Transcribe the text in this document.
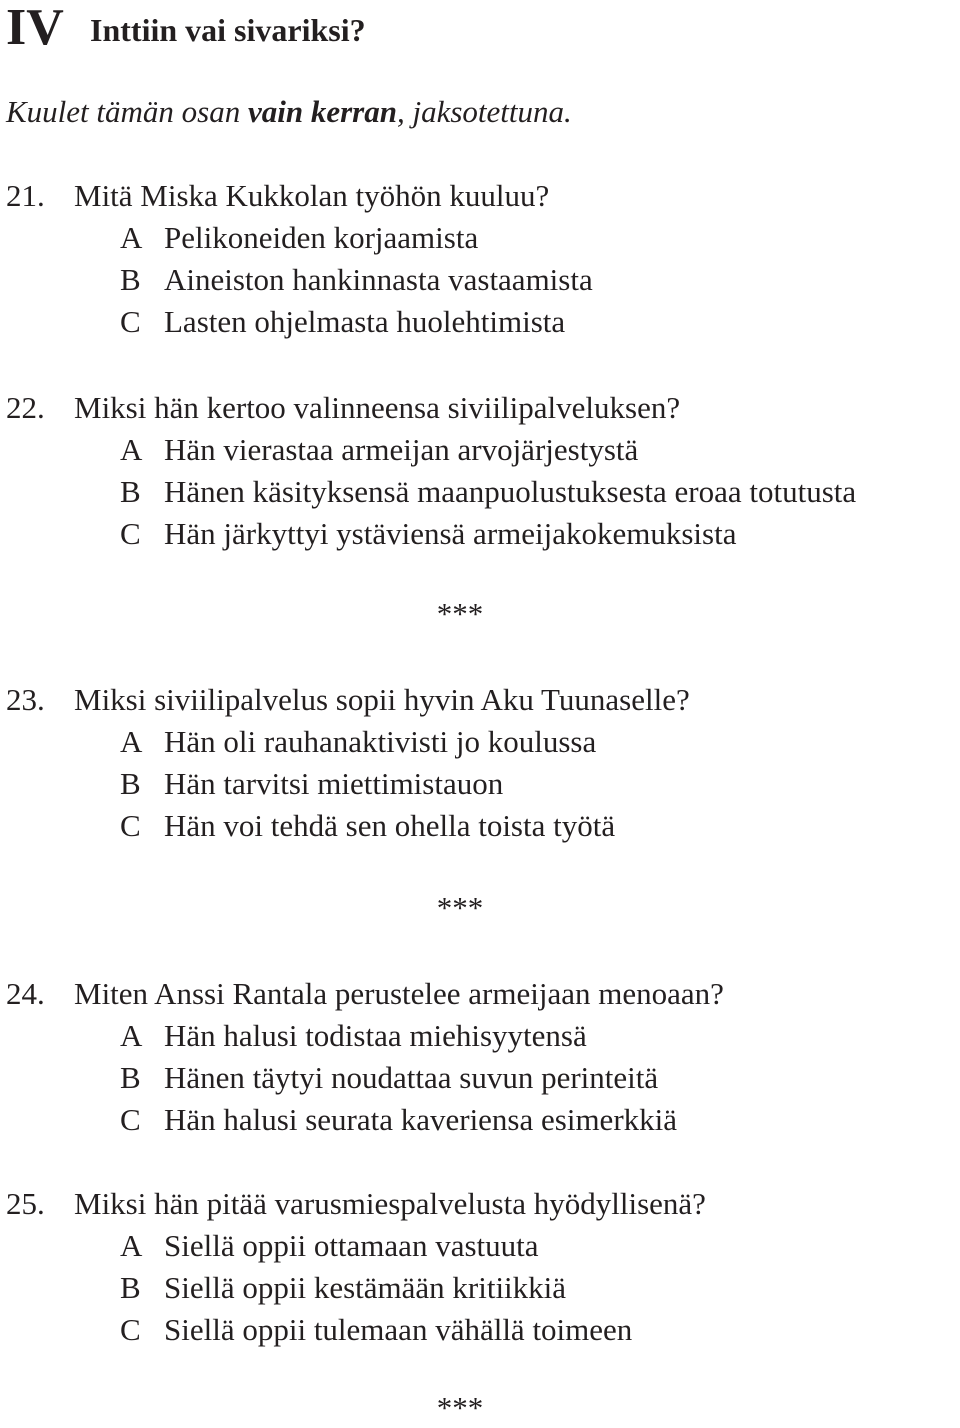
IV Inttiin vai sivariksi?
Kuulet tämän osan vain kerran, jaksotettuna.
21. Mitä Miska Kukkolan työhön kuuluu?
A Pelikoneiden korjaamista
B Aineiston hankinnasta vastaamista
C Lasten ohjelmasta huolehtimista
22. Miksi hän kertoo valinneensa siviilipalveluksen?
A Hän vierastaa armeijan arvojärjestystä
B Hänen käsityksensä maanpuolustuksesta eroaa totutusta
C Hän järkyttyi ystäviensä armeijakokemuksista
***
23. Miksi siviilipalvelus sopii hyvin Aku Tuunaselle?
A Hän oli rauhanaktivisti jo koulussa
B Hän tarvitsi miettimistauon
C Hän voi tehdä sen ohella toista työtä
***
24. Miten Anssi Rantala perustelee armeijaan menoaan?
A Hän halusi todistaa miehisyytensä
B Hänen täytyi noudattaa suvun perinteitä
C Hän halusi seurata kaveriensa esimerkkiä
25. Miksi hän pitää varusmiespalvelusta hyödyllisenä?
A Siellä oppii ottamaan vastuuta
B Siellä oppii kestämään kritiikkiä
C Siellä oppii tulemaan vähällä toimeen
***
